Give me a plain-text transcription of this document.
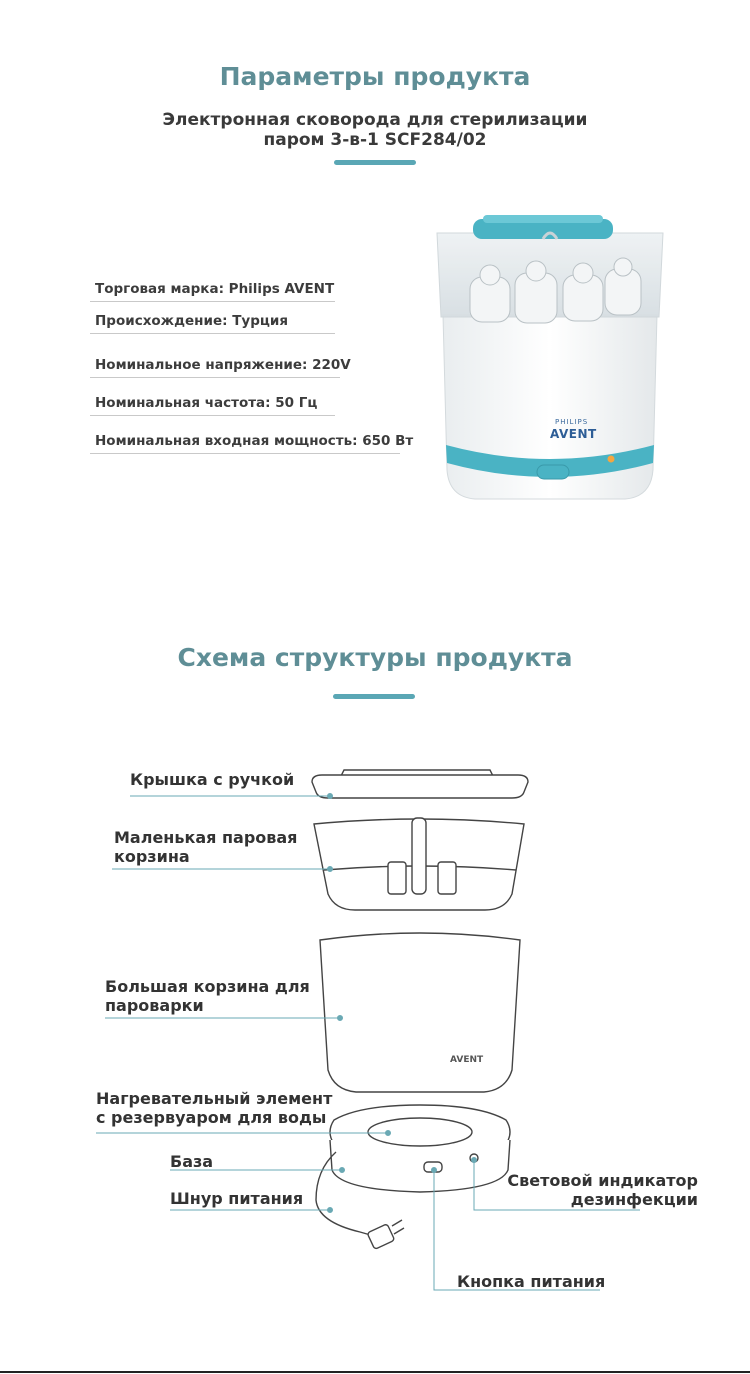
Параметры продукта
Электронная сковорода для стерилизации
паром 3-в-1 SCF284/02
Торговая марка: Philips AVENT
Происхождение: Турция
Номинальное напряжение: 220V
Номинальная частота: 50 Гц
Номинальная входная мощность: 650 Вт
PHILIPS
AVENT
Схема структуры продукта
AVENT
Крышка с ручкой
Маленькая паровая
корзина
Большая корзина для
пароварки
Нагревательный элемент
с резервуаром для воды
База
Шнур питания
Световой индикатор
дезинфекции
Кнопка питания
